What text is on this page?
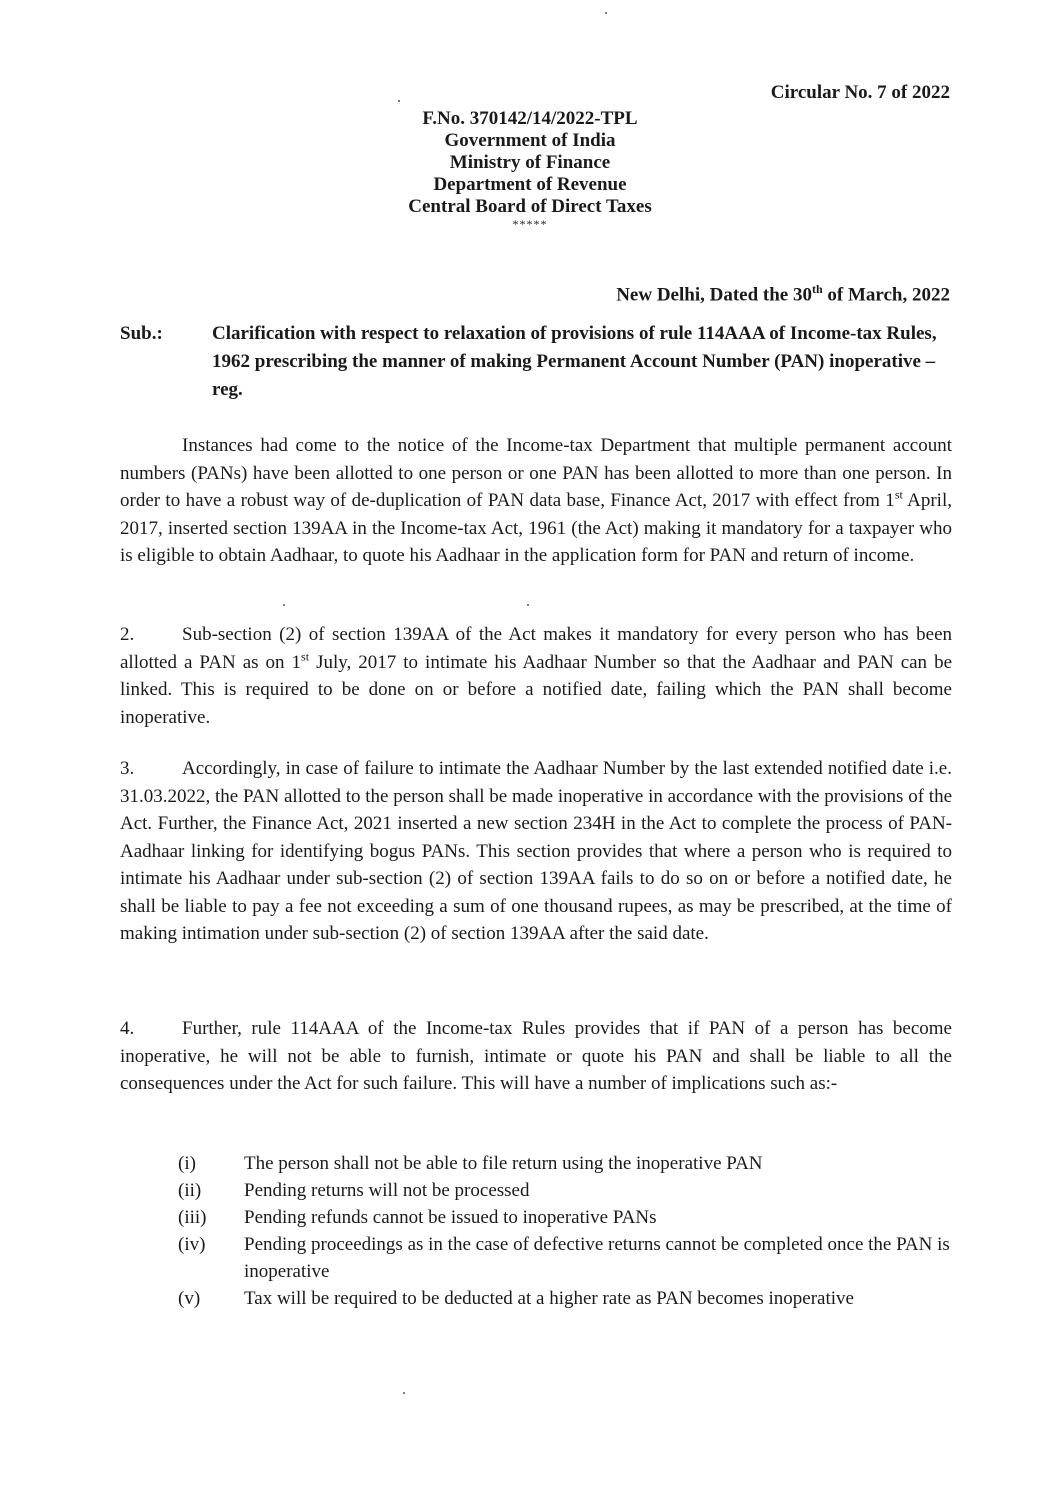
Circular No. 7 of 2022
F.No. 370142/14/2022-TPL
Government of India
Ministry of Finance
Department of Revenue
Central Board of Direct Taxes
*****
New Delhi, Dated the 30th of March, 2022
Sub.:	Clarification with respect to relaxation of provisions of rule 114AAA of Income-tax Rules, 1962 prescribing the manner of making Permanent Account Number (PAN) inoperative – reg.
Instances had come to the notice of the Income-tax Department that multiple permanent account numbers (PANs) have been allotted to one person or one PAN has been allotted to more than one person. In order to have a robust way of de-duplication of PAN data base, Finance Act, 2017 with effect from 1st April, 2017, inserted section 139AA in the Income-tax Act, 1961 (the Act) making it mandatory for a taxpayer who is eligible to obtain Aadhaar, to quote his Aadhaar in the application form for PAN and return of income.
2.	Sub-section (2) of section 139AA of the Act makes it mandatory for every person who has been allotted a PAN as on 1st July, 2017 to intimate his Aadhaar Number so that the Aadhaar and PAN can be linked. This is required to be done on or before a notified date, failing which the PAN shall become inoperative.
3.	Accordingly, in case of failure to intimate the Aadhaar Number by the last extended notified date i.e. 31.03.2022, the PAN allotted to the person shall be made inoperative in accordance with the provisions of the Act. Further, the Finance Act, 2021 inserted a new section 234H in the Act to complete the process of PAN-Aadhaar linking for identifying bogus PANs. This section provides that where a person who is required to intimate his Aadhaar under sub-section (2) of section 139AA fails to do so on or before a notified date, he shall be liable to pay a fee not exceeding a sum of one thousand rupees, as may be prescribed, at the time of making intimation under sub-section (2) of section 139AA after the said date.
4.	Further, rule 114AAA of the Income-tax Rules provides that if PAN of a person has become inoperative, he will not be able to furnish, intimate or quote his PAN and shall be liable to all the consequences under the Act for such failure. This will have a number of implications such as:-
(i)	The person shall not be able to file return using the inoperative PAN
(ii)	Pending returns will not be processed
(iii)	Pending refunds cannot be issued to inoperative PANs
(iv)	Pending proceedings as in the case of defective returns cannot be completed once the PAN is inoperative
(v)	Tax will be required to be deducted at a higher rate as PAN becomes inoperative
